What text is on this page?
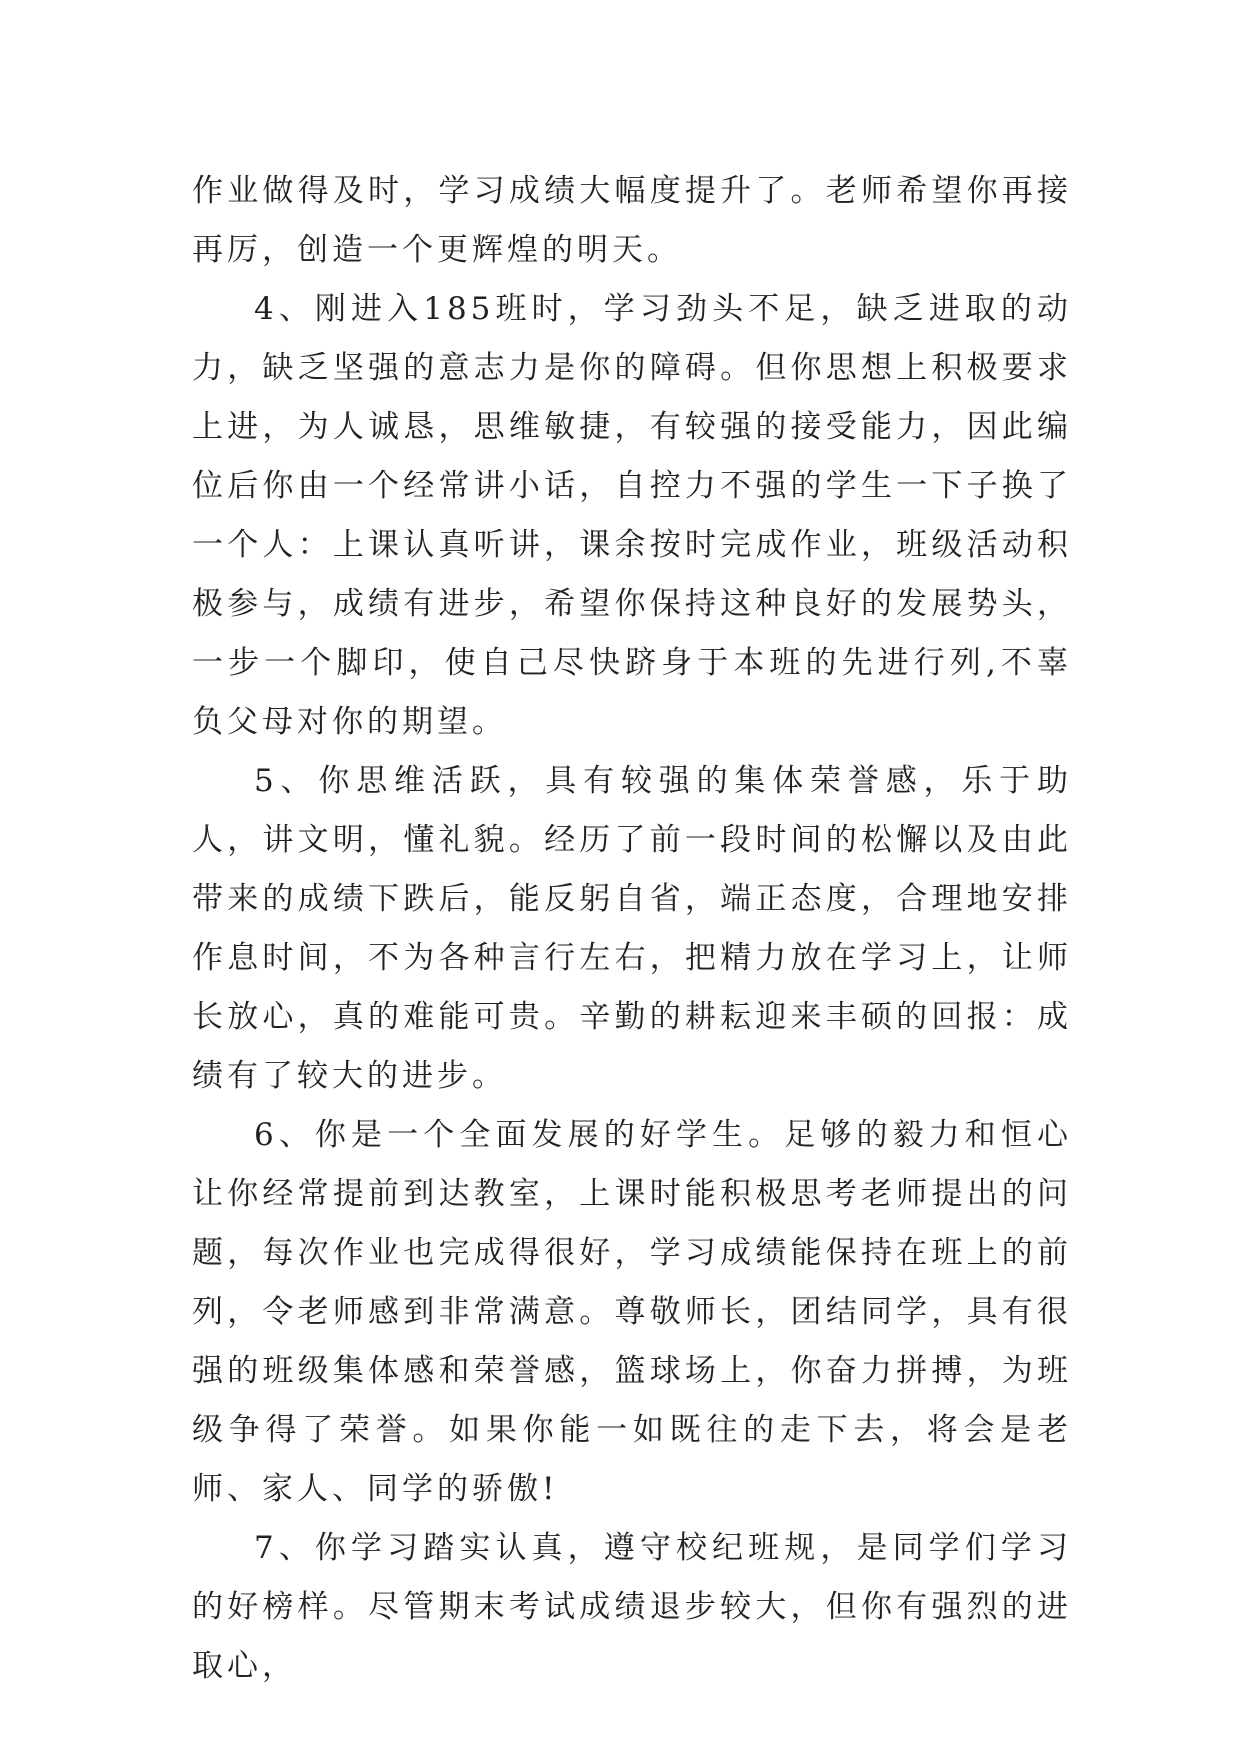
作业做得及时，学习成绩大幅度提升了。老师希望你再接再厉，创造一个更辉煌的明天。

4、刚进入185班时，学习劲头不足，缺乏进取的动力，缺乏坚强的意志力是你的障碍。但你思想上积极要求上进，为人诚恳，思维敏捷，有较强的接受能力，因此编位后你由一个经常讲小话，自控力不强的学生一下子换了一个人：上课认真听讲，课余按时完成作业，班级活动积极参与，成绩有进步，希望你保持这种良好的发展势头，一步一个脚印，使自己尽快跻身于本班的先进行列,不辜负父母对你的期望。

5、你思维活跃，具有较强的集体荣誉感，乐于助人，讲文明，懂礼貌。经历了前一段时间的松懈以及由此带来的成绩下跌后，能反躬自省，端正态度，合理地安排作息时间，不为各种言行左右，把精力放在学习上，让师长放心，真的难能可贵。辛勤的耕耘迎来丰硕的回报：成绩有了较大的进步。

6、你是一个全面发展的好学生。足够的毅力和恒心让你经常提前到达教室，上课时能积极思考老师提出的问题，每次作业也完成得很好，学习成绩能保持在班上的前列，令老师感到非常满意。尊敬师长，团结同学，具有很强的班级集体感和荣誉感，篮球场上，你奋力拼搏，为班级争得了荣誉。如果你能一如既往的走下去，将会是老师、家人、同学的骄傲!

7、你学习踏实认真，遵守校纪班规，是同学们学习的好榜样。尽管期末考试成绩退步较大，但你有强烈的进取心，
